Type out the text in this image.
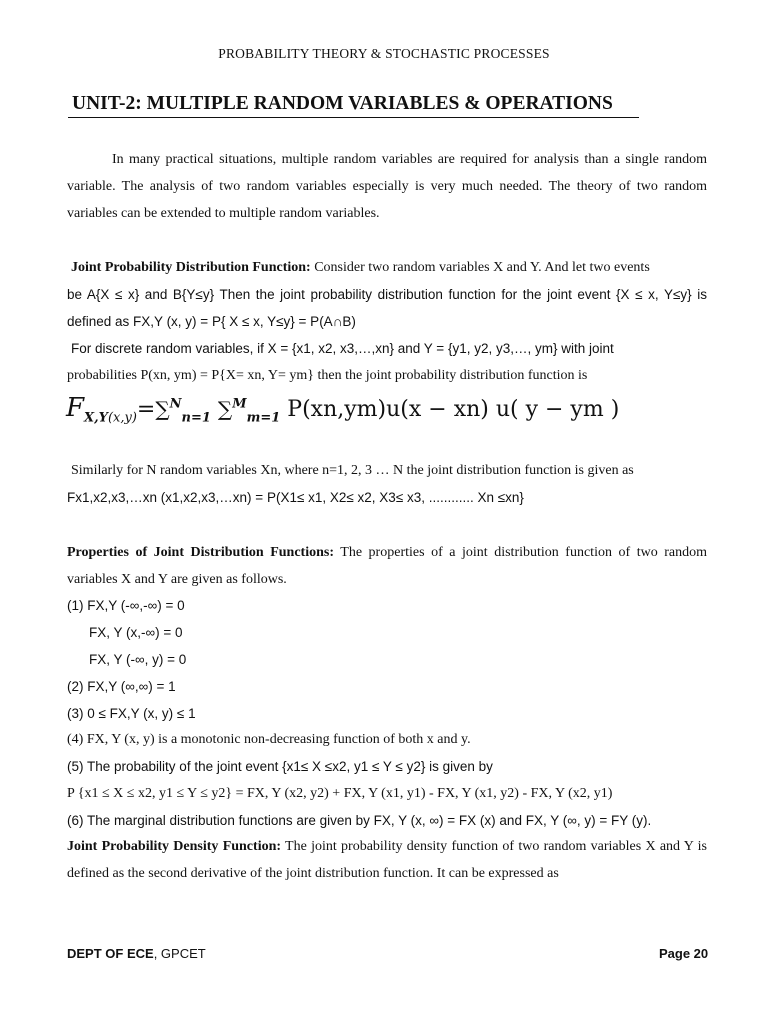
PROBABILITY THEORY & STOCHASTIC PROCESSES
UNIT-2: MULTIPLE RANDOM VARIABLES & OPERATIONS
In many practical situations, multiple random variables are required for analysis than a single random variable. The analysis of two random variables especially is very much needed. The theory of two random variables can be extended to multiple random variables.
Joint Probability Distribution Function: Consider two random variables X and Y. And let two events
be A{X ≤ x} and B{Y≤y} Then the joint probability distribution function for the joint event {X ≤ x, Y≤y} is defined as FX,Y (x, y) = P{ X ≤ x, Y≤y} = P(A∩B)
For discrete random variables, if X = {x1, x2, x3,…,xn} and Y = {y1, y2, y3,…, ym} with joint
probabilities P(xn, ym) = P{X= xn, Y= ym} then the joint probability distribution function is
$F_{X,Y(x,y)}=\sum^N_{n=1}$ ∑$^M_{m=1}$ P(xn,ym)u(x − xn) u( y − ym )
Similarly for N random variables Xn, where n=1, 2, 3 … N the joint distribution function is given as
Fx1,x2,x3,…xn (x1,x2,x3,…xn) = P(X1≤ x1, X2≤ x2, X3≤ x3, ............ Xn ≤xn}
Properties of Joint Distribution Functions: The properties of a joint distribution function of two random variables X and Y are given as follows.
(1) FX,Y (-∞,-∞) = 0
FX, Y (x,-∞) = 0
FX, Y (-∞, y) = 0
(2) FX,Y (∞,∞) = 1
(3) 0 ≤ FX,Y (x, y) ≤ 1
(4) FX, Y (x, y) is a monotonic non-decreasing function of both x and y.
(5) The probability of the joint event {x1≤ X ≤x2, y1 ≤ Y ≤ y2} is given by
P {x1 ≤ X ≤ x2, y1 ≤ Y ≤ y2} = FX, Y (x2, y2) + FX, Y (x1, y1) - FX, Y (x1, y2) - FX, Y (x2, y1)
(6) The marginal distribution functions are given by FX, Y (x, ∞) = FX (x) and FX, Y (∞, y) = FY (y).
Joint Probability Density Function: The joint probability density function of two random variables X and Y is defined as the second derivative of the joint distribution function. It can be expressed as
DEPT OF ECE, GPCET	Page 20
